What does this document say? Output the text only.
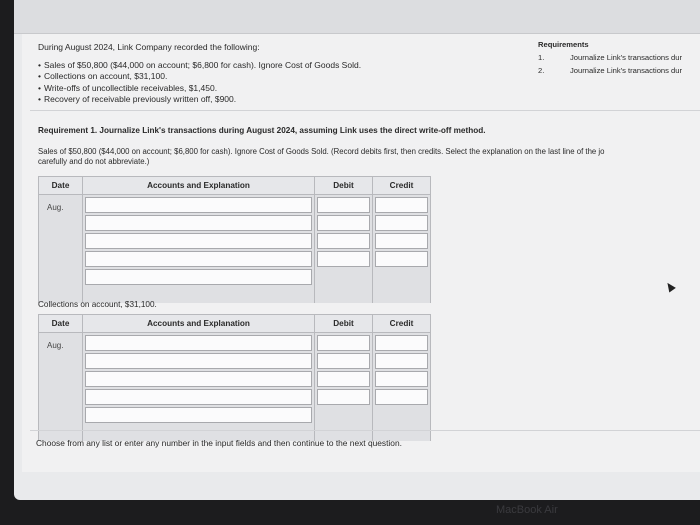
During August 2024, Link Company recorded the following:
• Sales of $50,800 ($44,000 on account; $6,800 for cash). Ignore Cost of Goods Sold.
• Collections on account, $31,100.
• Write-offs of uncollectible receivables, $1,450.
• Recovery of receivable previously written off, $900.
Requirements
1.	Journalize Link's transactions dur
2.	Journalize Link's transactions dur
Requirement 1. Journalize Link's transactions during August 2024, assuming Link uses the direct write-off method.
Sales of $50,800 ($44,000 on account; $6,800 for cash). Ignore Cost of Goods Sold. (Record debits first, then credits. Select the explanation on the last line of the jo
carefully and do not abbreviate.)
Date	Accounts and Explanation	Debit	Credit
Aug.	

Collections on account, $31,100.
Date	Accounts and Explanation	Debit	Credit
Aug.	

Choose from any list or enter any number in the input fields and then continue to the next question.
MacBook Air
